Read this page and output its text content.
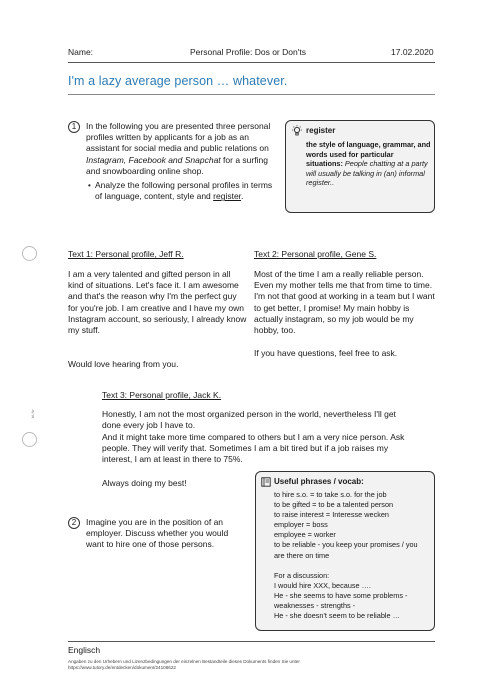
Name:	Personal Profile: Dos or Don'ts	17.02.2020
I'm a lazy average person … whatever.
bl-Nr
1	In the following you are presented three personal profiles written by applicants for a job as an assistant for social media and public relations on Instagram, Facebook and Snapchat for a surfing and snowboarding online shop.
• Analyze the following personal profiles in terms of language, content, style and register.
register
the style of language, grammar, and words used for particular situations: People chatting at a party will usually be talking in (an) informal register..
Text 1: Personal profile, Jeff R.
I am a very talented and gifted person in all kind of situations. Let's face it. I am awesome and that's the reason why I'm the perfect guy for you're job. I am creative and I have my own Instagram account, so seriously, I already know my stuff.
Would love hearing from you.
Text 2: Personal profile, Gene S.
Most of the time I am a really reliable person. Even my mother tells me that from time to time. I'm not that good at working in a team but I want to get better, I promise! My main hobby is actually instagram, so my job would be my hobby, too.
If you have questions, feel free to ask.
Text 3: Personal profile, Jack K.
Honestly, I am not the most organized person in the world, nevertheless I'll get done every job I have to.
And it might take more time compared to others but I am a very nice person. Ask people. They will verify that. Sometimes I am a bit tired but if a job raises my interest, I am at least in there to 75%.
Always doing my best!
2	Imagine you are in the position of an employer. Discuss whether you would want to hire one of those persons.
Useful phrases / vocab:
to hire s.o. = to take s.o. for the job
to be gifted = to be a talented person
to raise interest = Interesse wecken
employer = boss
employee = worker
to be reliable - you keep your promises / you
are there on time
For a discussion:
I would hire XXX, because ….
He - she seems to have some problems -
weaknesses - strengths -
He - she doesn't seem to be reliable …
Englisch
Angaben zu den Urhebern und Lizenzbedingungen der einzelnen Bestandteile dieses Dokuments finden Sie unter
https://www.tutory.de/entdecken/dokument/24106622
